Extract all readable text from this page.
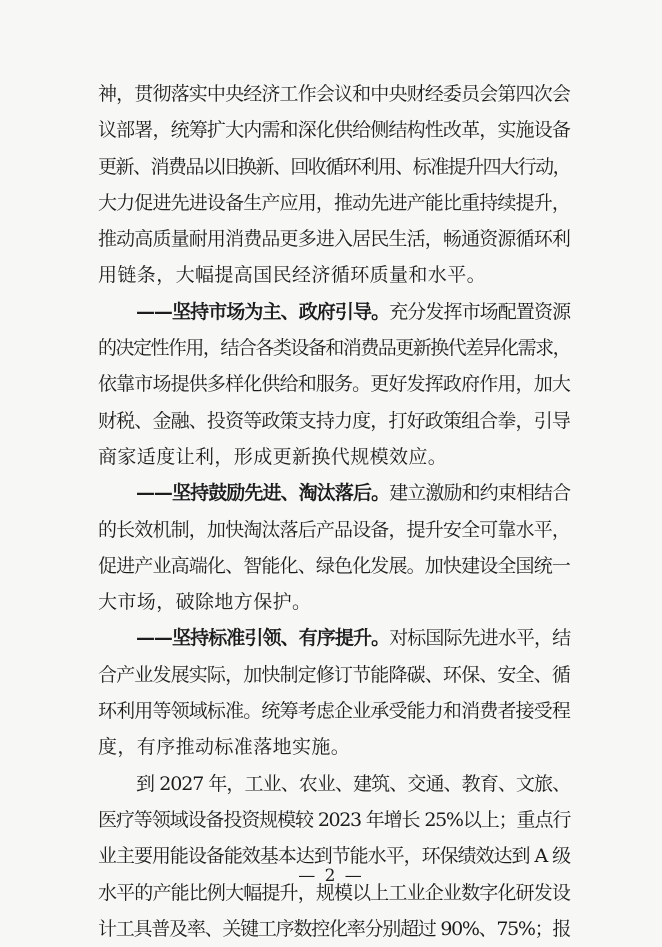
神，贯彻落实中央经济工作会议和中央财经委员会第四次会
议部署，统筹扩大内需和深化供给侧结构性改革，实施设备
更新、消费品以旧换新、回收循环利用、标准提升四大行动，
大力促进先进设备生产应用，推动先进产能比重持续提升，
推动高质量耐用消费品更多进入居民生活，畅通资源循环利
用链条，大幅提高国民经济循环质量和水平。
——坚持市场为主、政府引导。充分发挥市场配置资源
的决定性作用，结合各类设备和消费品更新换代差异化需求，
依靠市场提供多样化供给和服务。更好发挥政府作用，加大
财税、金融、投资等政策支持力度，打好政策组合拳，引导
商家适度让利，形成更新换代规模效应。
——坚持鼓励先进、淘汰落后。建立激励和约束相结合
的长效机制，加快淘汰落后产品设备，提升安全可靠水平，
促进产业高端化、智能化、绿色化发展。加快建设全国统一
大市场，破除地方保护。
——坚持标准引领、有序提升。对标国际先进水平，结
合产业发展实际，加快制定修订节能降碳、环保、安全、循
环利用等领域标准。统筹考虑企业承受能力和消费者接受程
度，有序推动标准落地实施。
到 2027 年，工业、农业、建筑、交通、教育、文旅、
医疗等领域设备投资规模较 2023 年增长 25%以上；重点行
业主要用能设备能效基本达到节能水平，环保绩效达到 A 级
水平的产能比例大幅提升，规模以上工业企业数字化研发设
计工具普及率、关键工序数控化率分别超过 90%、75%；报
— 2 —
